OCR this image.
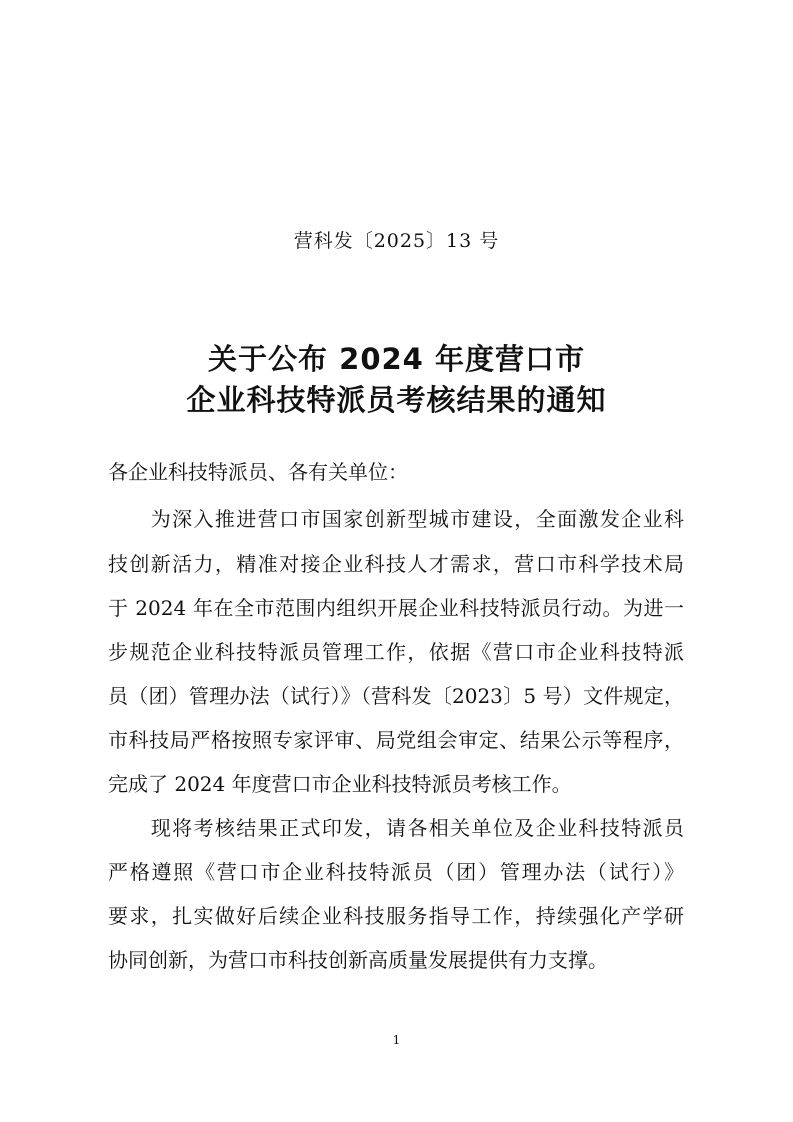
营科发〔2025〕13 号
关于公布 2024 年度营口市
企业科技特派员考核结果的通知
各企业科技特派员、各有关单位：
　　为深入推进营口市国家创新型城市建设，全面激发企业科
技创新活力，精准对接企业科技人才需求，营口市科学技术局
于 2024 年在全市范围内组织开展企业科技特派员行动。为进一
步规范企业科技特派员管理工作，依据《营口市企业科技特派
员（团）管理办法（试行）》（营科发〔2023〕5 号）文件规定，
市科技局严格按照专家评审、局党组会审定、结果公示等程序，
完成了 2024 年度营口市企业科技特派员考核工作。
　　现将考核结果正式印发，请各相关单位及企业科技特派员
严格遵照《营口市企业科技特派员（团）管理办法（试行）》
要求，扎实做好后续企业科技服务指导工作，持续强化产学研
协同创新，为营口市科技创新高质量发展提供有力支撑。
1
